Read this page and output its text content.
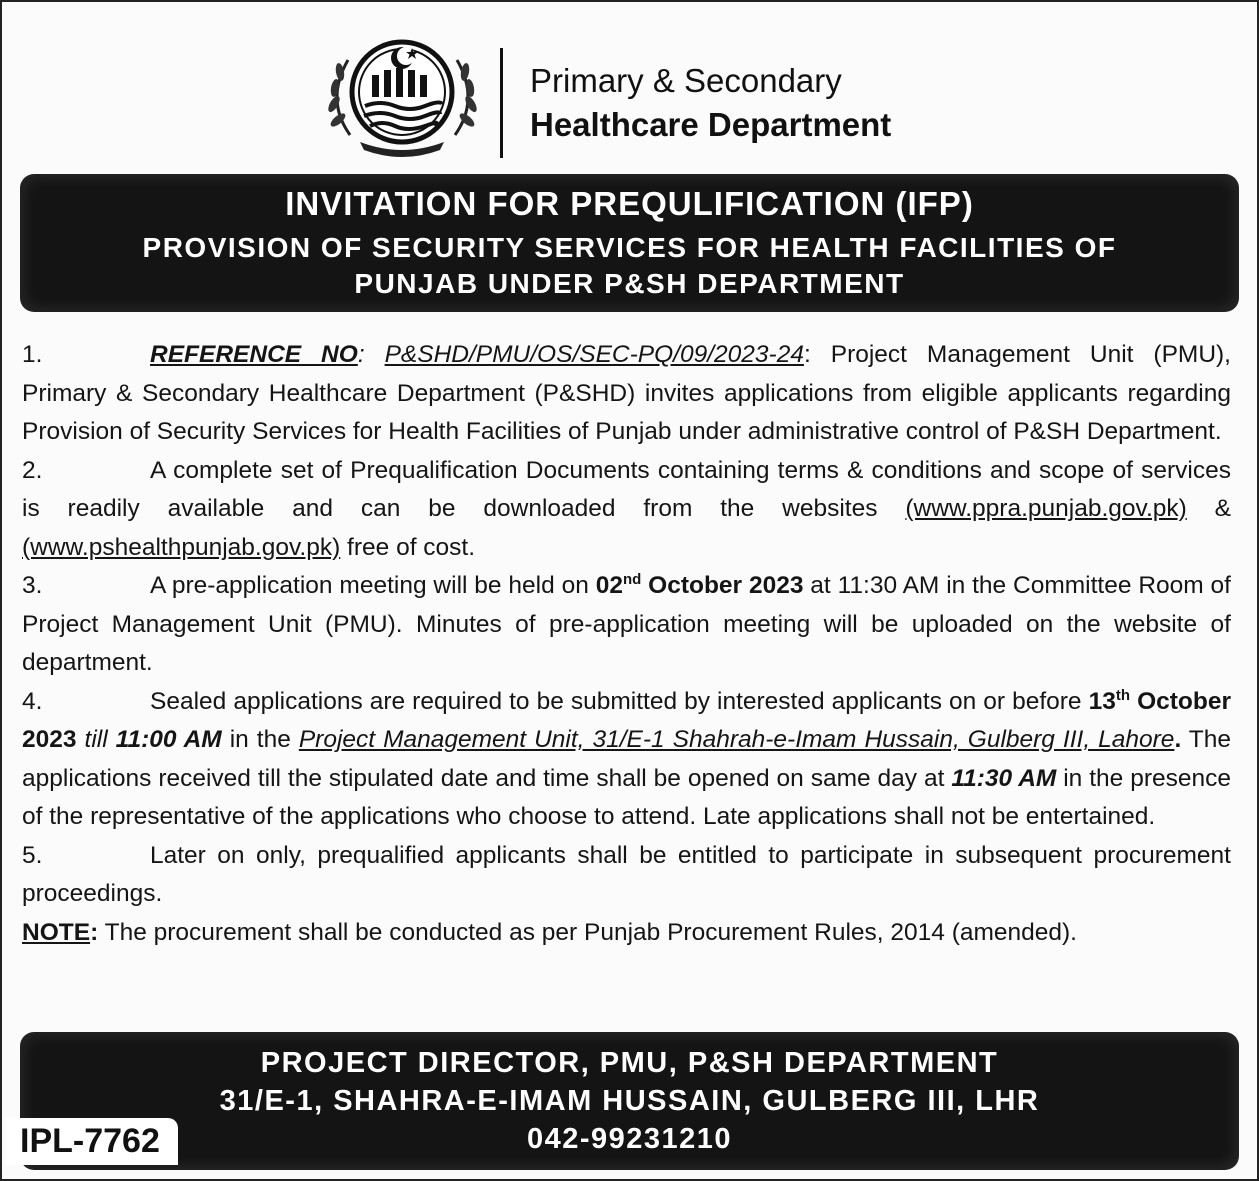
Primary & Secondary
Healthcare Department
INVITATION FOR PREQULIFICATION (IFP)
PROVISION OF SECURITY SERVICES FOR HEALTH FACILITIES OF
PUNJAB UNDER P&SH DEPARTMENT

1.	REFERENCE NO: P&SHD/PMU/OS/SEC-PQ/09/2023-24: Project Management Unit (PMU), Primary & Secondary Healthcare Department (P&SHD) invites applications from eligible applicants regarding Provision of Security Services for Health Facilities of Punjab under administrative control of P&SH Department.

2.	A complete set of Prequalification Documents containing terms & conditions and scope of services is readily available and can be downloaded from the websites (www.ppra.punjab.gov.pk) & (www.pshealthpunjab.gov.pk) free of cost.

3.	A pre-application meeting will be held on 02nd October 2023 at 11:30 AM in the Committee Room of Project Management Unit (PMU). Minutes of pre-application meeting will be uploaded on the website of department.

4.	Sealed applications are required to be submitted by interested applicants on or before 13th October 2023 till 11:00 AM in the Project Management Unit, 31/E-1 Shahrah-e-Imam Hussain, Gulberg III, Lahore. The applications received till the stipulated date and time shall be opened on same day at 11:30 AM in the presence of the representative of the applications who choose to attend. Late applications shall not be entertained.

5.	Later on only, prequalified applicants shall be entitled to participate in subsequent procurement proceedings.

NOTE: The procurement shall be conducted as per Punjab Procurement Rules, 2014 (amended).

PROJECT DIRECTOR, PMU, P&SH DEPARTMENT
31/E-1, SHAHRA-E-IMAM HUSSAIN, GULBERG III, LHR
042-99231210
IPL-7762
